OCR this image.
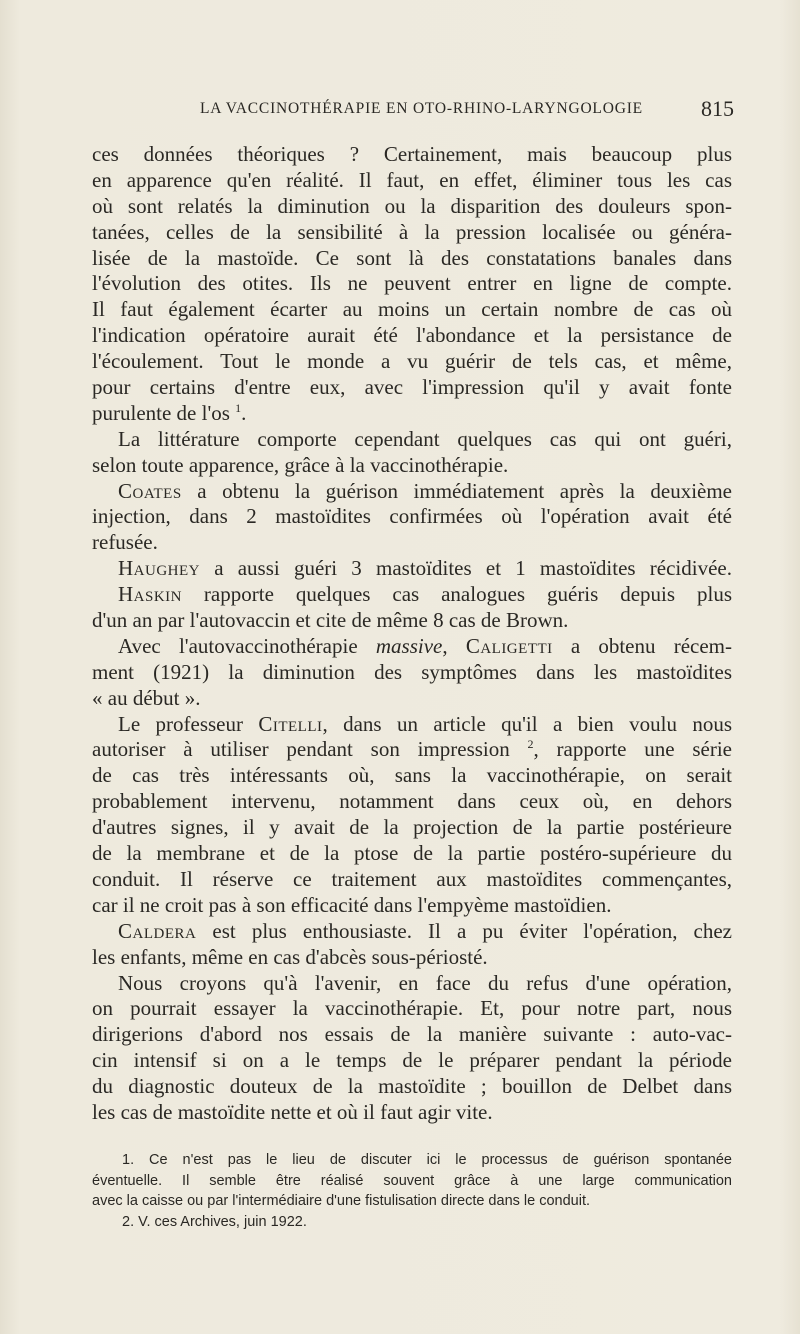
LA VACCINOTHÉRAPIE EN OTO-RHINO-LARYNGOLOGIE	815
ces données théoriques ? Certainement, mais beaucoup plus
en apparence qu'en réalité. Il faut, en effet, éliminer tous les cas
où sont relatés la diminution ou la disparition des douleurs spon-
tanées, celles de la sensibilité à la pression localisée ou généra-
lisée de la mastoïde. Ce sont là des constatations banales dans
l'évolution des otites. Ils ne peuvent entrer en ligne de compte.
Il faut également écarter au moins un certain nombre de cas où
l'indication opératoire aurait été l'abondance et la persistance de
l'écoulement. Tout le monde a vu guérir de tels cas, et même,
pour certains d'entre eux, avec l'impression qu'il y avait fonte
purulente de l'os $^1$.
La littérature comporte cependant quelques cas qui ont guéri,
selon toute apparence, grâce à la vaccinothérapie.
Coates a obtenu la guérison immédiatement après la deuxième
injection, dans 2 mastoïdites confirmées où l'opération avait été
refusée.
Haughey a aussi guéri 3 mastoïdites et 1 mastoïdites récidivée.
Haskin rapporte quelques cas analogues guéris depuis plus
d'un an par l'autovaccin et cite de même 8 cas de Brown.
Avec l'autovaccinothérapie massive, Caligetti a obtenu récem-
ment (1921) la diminution des symptômes dans les mastoïdites
« au début ».
Le professeur Citelli, dans un article qu'il a bien voulu nous
autoriser à utiliser pendant son impression $^2$, rapporte une série
de cas très intéressants où, sans la vaccinothérapie, on serait
probablement intervenu, notamment dans ceux où, en dehors
d'autres signes, il y avait de la projection de la partie postérieure
de la membrane et de la ptose de la partie postéro-supérieure du
conduit. Il réserve ce traitement aux mastoïdites commençantes,
car il ne croit pas à son efficacité dans l'empyème mastoïdien.
Caldera est plus enthousiaste. Il a pu éviter l'opération, chez
les enfants, même en cas d'abcès sous-périosté.
Nous croyons qu'à l'avenir, en face du refus d'une opération,
on pourrait essayer la vaccinothérapie. Et, pour notre part, nous
dirigerions d'abord nos essais de la manière suivante : auto-vac-
cin intensif si on a le temps de le préparer pendant la période
du diagnostic douteux de la mastoïdite ; bouillon de Delbet dans
les cas de mastoïdite nette et où il faut agir vite.
1. Ce n'est pas le lieu de discuter ici le processus de guérison spontanée
éventuelle. Il semble être réalisé souvent grâce à une large communication
avec la caisse ou par l'intermédiaire d'une fistulisation directe dans le conduit.
2. V. ces Archives, juin 1922.
